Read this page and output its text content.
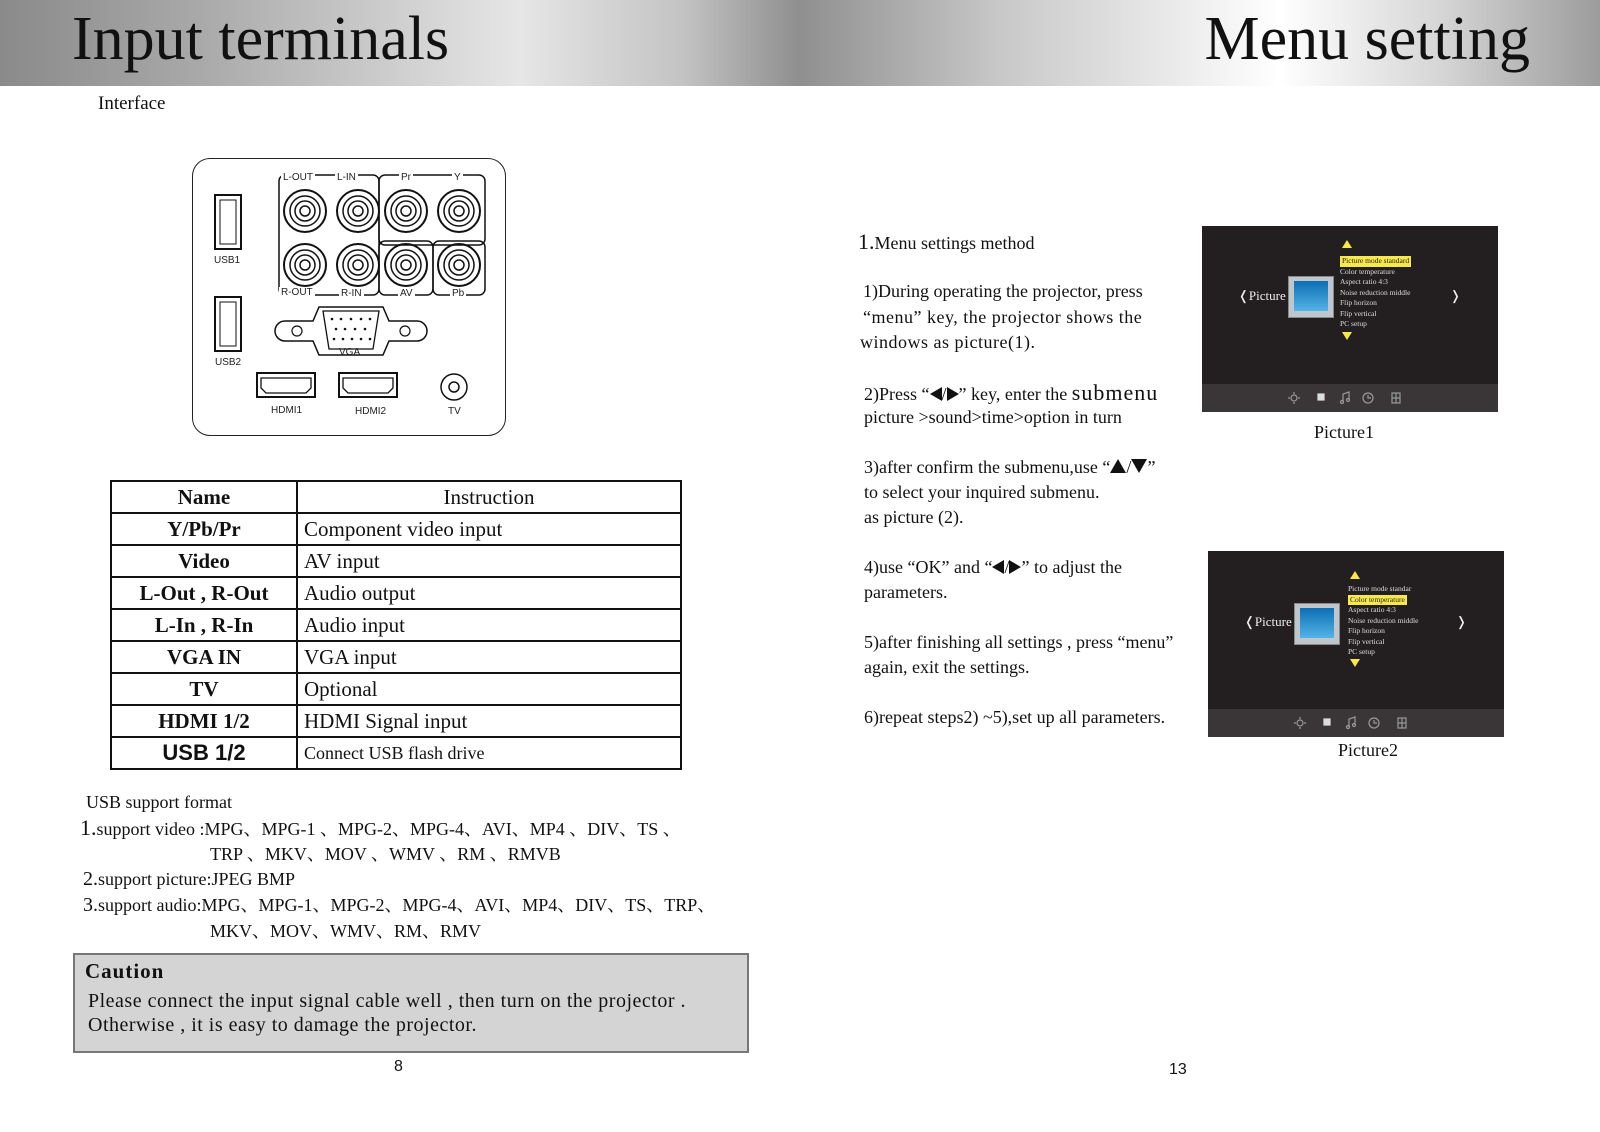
Input terminals	Menu setting
Interface
L-OUT L-IN	Pr	Y
R-OUT	R-IN	AV	Pb
USB1
USB2
VGA
HDMI1	HDMI2	TV
Name	Instruction
Y/Pb/Pr	Component video input
Video	AV input
L-Out , R-Out	Audio output
L-In , R-In	Audio input
VGA IN	VGA input
TV	Optional
HDMI 1/2	HDMI Signal input
USB 1/2	Connect USB flash drive
USB support format
1.support video :MPG、MPG-1 、MPG-2、MPG-4、AVI、MP4 、DIV、TS 、
TRP 、MKV、MOV 、WMV 、RM 、RMVB
2.support picture:JPEG BMP
3.support audio:MPG、MPG-1、MPG-2、MPG-4、AVI、MP4、DIV、TS、TRP、
MKV、MOV、WMV、RM、RMV
Caution
Please connect the input signal cable well , then turn on the projector .
Otherwise , it is easy to damage the projector.
8
1.Menu settings method
1)During operating the projector, press
“menu” key, the projector shows the
windows as picture(1).
2)Press “ / ” key, enter the submenu
picture >sound>time>option in turn
3)after confirm the submenu,use “ / ”
to select your inquired submenu.
as picture (2).
4)use “OK” and “ / ” to adjust the
parameters.
5)after finishing all settings , press “menu”
again, exit the settings.
6)repeat steps2) ~5),set up all parameters.
❬Picture	❭
Picture mode standard
Color temperature
Aspect ratio 4:3
Noise reduction middle
Flip horizon
Flip vertical
PC setup
Picture1
❬Picture	❭
Picture mode standar
Color temperature
Aspect ratio 4:3
Noise reduction middle
Flip horizon
Flip vertical
PC setup
Picture2
13
